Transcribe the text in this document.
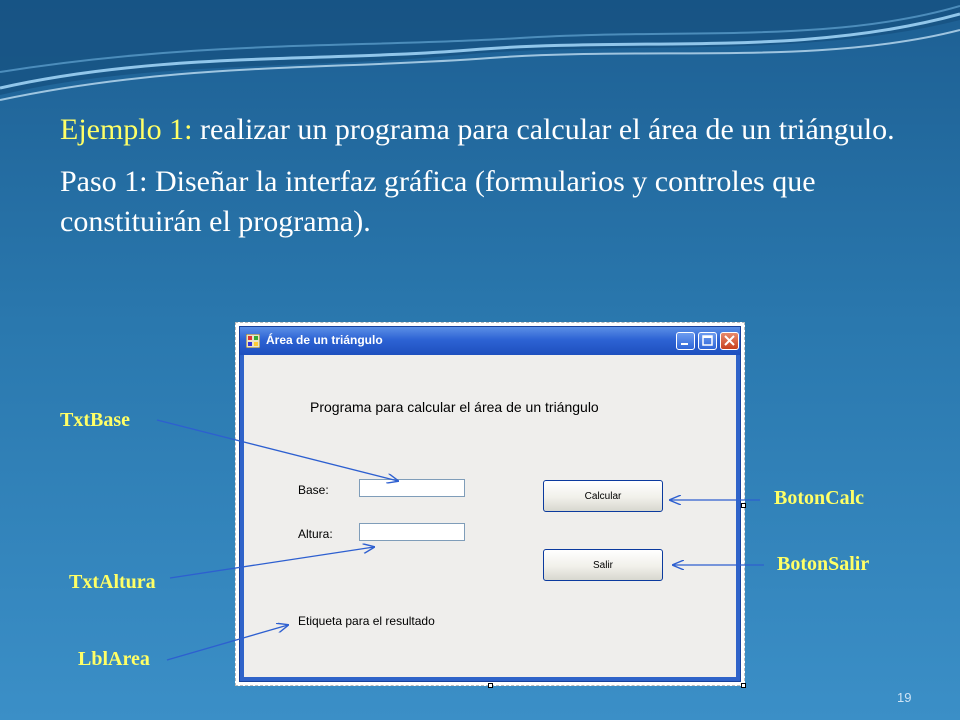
Ejemplo 1: realizar un programa para calcular el área de un triángulo.

Paso 1: Diseñar la interfaz gráfica (formularios y controles que constituirán el programa).

Área de un triángulo
Programa para calcular el área de un triángulo
Base:
Altura:
Calcular
Salir
Etiqueta para el resultado
TxtBase
TxtAltura
LblArea
BotonCalc
BotonSalir
19
